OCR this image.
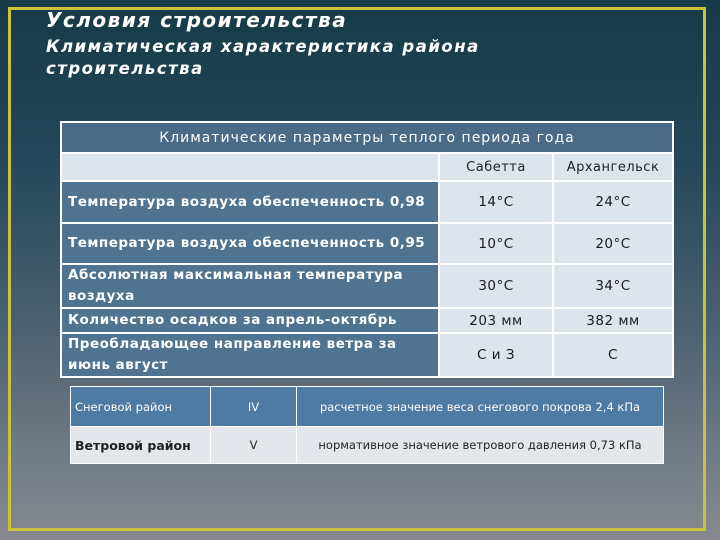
Условия строительства
Климатическая характеристика района строительства
Климатические параметры теплого периода года		
	Сабетта	Архангельск
Температура воздуха обеспеченность 0,98	14°С	24°С
Температура воздуха обеспеченность 0,95	10°С	20°С
Абсолютная максимальная температура воздуха	30°С	34°С
Количество осадков за апрель-октябрь	203 мм	382 мм
Преобладающее направление ветра за июнь август	С и З	С
Снеговой район	IV	расчетное значение веса снегового покрова 2,4 кПа
Ветровой район	V	нормативное значение ветрового давления 0,73 кПа
